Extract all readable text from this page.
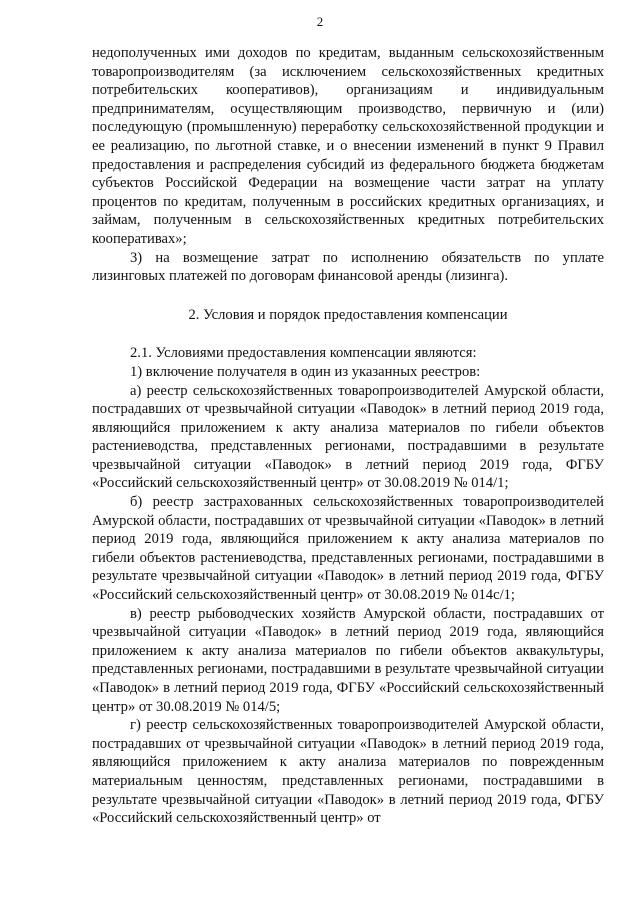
2

недополученных ими доходов по кредитам, выданным сельскохозяйственным товаропроизводителям (за исключением сельскохозяйственных кредитных потребительских кооперативов), организациям и индивидуальным предпринимателям, осуществляющим производство, первичную и (или) последующую (промышленную) переработку сельскохозяйственной продукции и ее реализацию, по льготной ставке, и о внесении изменений в пункт 9 Правил предоставления и распределения субсидий из федерального бюджета бюджетам субъектов Российской Федерации на возмещение части затрат на уплату процентов по кредитам, полученным в российских кредитных организациях, и займам, полученным в сельскохозяйственных кредитных потребительских кооперативах»;

3) на возмещение затрат по исполнению обязательств по уплате лизинговых платежей по договорам финансовой аренды (лизинга).

2. Условия и порядок предоставления компенсации

2.1. Условиями предоставления компенсации являются:

1) включение получателя в один из указанных реестров:

а) реестр сельскохозяйственных товаропроизводителей Амурской области, пострадавших от чрезвычайной ситуации «Паводок» в летний период 2019 года, являющийся приложением к акту анализа материалов по гибели объектов растениеводства, представленных регионами, пострадавшими в результате чрезвычайной ситуации «Паводок» в летний период 2019 года, ФГБУ «Российский сельскохозяйственный центр» от 30.08.2019 № 014/1;

б) реестр застрахованных сельскохозяйственных товаропроизводителей Амурской области, пострадавших от чрезвычайной ситуации «Паводок» в летний период 2019 года, являющийся приложением к акту анализа материалов по гибели объектов растениеводства, представленных регионами, пострадавшими в результате чрезвычайной ситуации «Паводок» в летний период 2019 года, ФГБУ «Российский сельскохозяйственный центр» от 30.08.2019 № 014с/1;

в) реестр рыбоводческих хозяйств Амурской области, пострадавших от чрезвычайной ситуации «Паводок» в летний период 2019 года, являющийся приложением к акту анализа материалов по гибели объектов аквакультуры, представленных регионами, пострадавшими в результате чрезвычайной ситуации «Паводок» в летний период 2019 года, ФГБУ «Российский сельскохозяйственный центр» от 30.08.2019 № 014/5;

г) реестр сельскохозяйственных товаропроизводителей Амурской области, пострадавших от чрезвычайной ситуации «Паводок» в летний период 2019 года, являющийся приложением к акту анализа материалов по поврежденным материальным ценностям, представленных регионами, пострадавшими в результате чрезвычайной ситуации «Паводок» в летний период 2019 года, ФГБУ «Российский сельскохозяйственный центр» от
